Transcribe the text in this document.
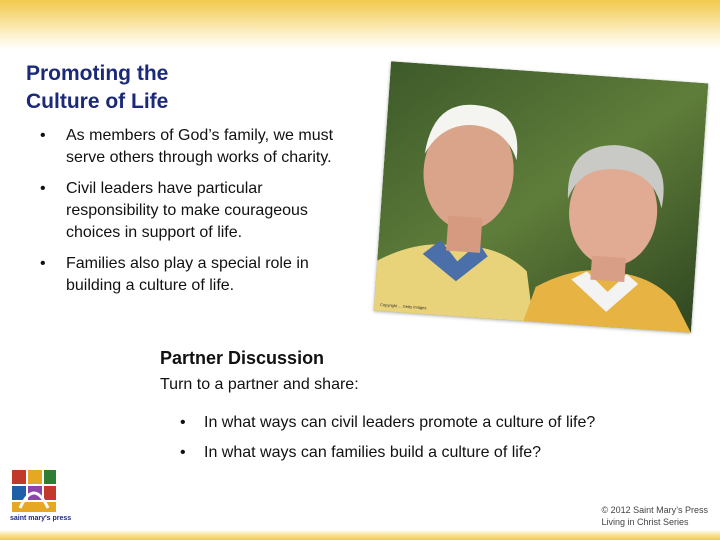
Promoting the
Culture of Life
• As members of God’s family, we must serve others through works of charity.
• Civil leaders have particular responsibility to make courageous choices in support of life.
• Families also play a special role in building a culture of life.
Copyright ... Getty Images
Partner Discussion

Turn to a partner and share:

• In what ways can civil leaders promote a culture of life?
• In what ways can families build a culture of life?
saint mary's press
© 2012 Saint Mary’s Press
Living in Christ Series
